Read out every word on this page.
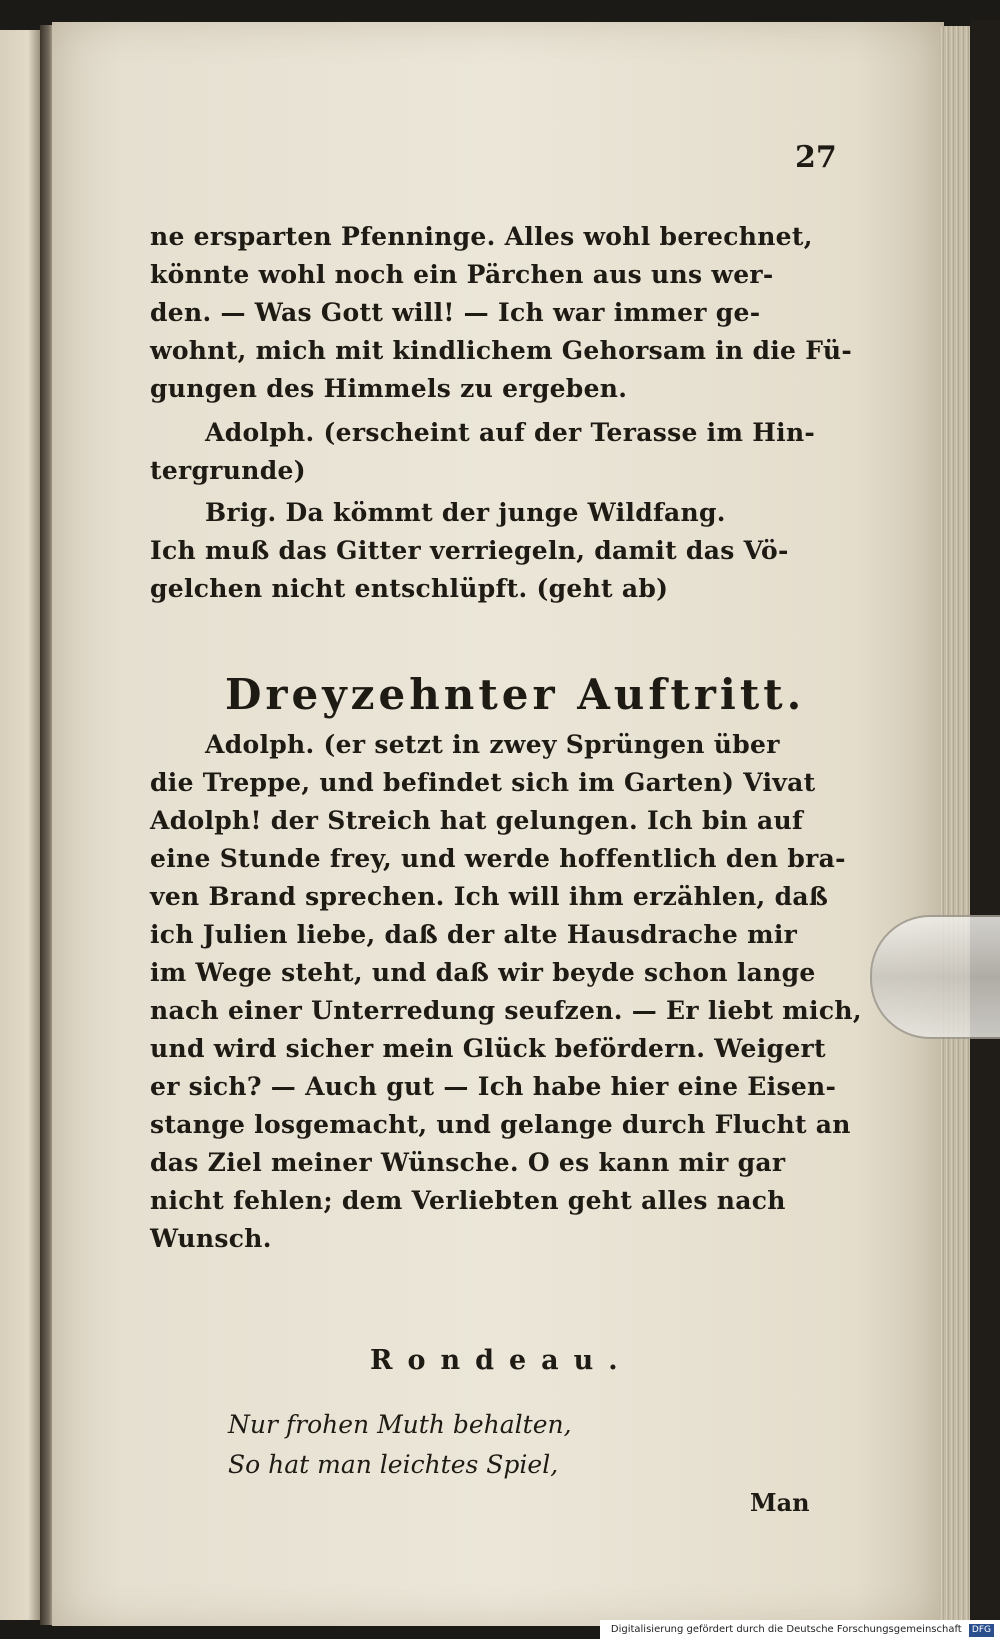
27
ne ersparten Pfenninge. Alles wohl berechnet,
könnte wohl noch ein Pärchen aus uns wer-
den. — Was Gott will! — Ich war immer ge-
wohnt, mich mit kindlichem Gehorsam in die Fü-
gungen des Himmels zu ergeben.
Adolph. (erscheint auf der Terasse im Hin-
tergrunde)
Brig. Da kömmt der junge Wildfang.
Ich muß das Gitter verriegeln, damit das Vö-
gelchen nicht entschlüpft. (geht ab)
Dreyzehnter Auftritt.
Adolph. (er setzt in zwey Sprüngen über
die Treppe, und befindet sich im Garten) Vivat
Adolph! der Streich hat gelungen. Ich bin auf
eine Stunde frey, und werde hoffentlich den bra-
ven Brand sprechen. Ich will ihm erzählen, daß
ich Julien liebe, daß der alte Hausdrache mir
im Wege steht, und daß wir beyde schon lange
nach einer Unterredung seufzen. — Er liebt mich,
und wird sicher mein Glück befördern. Weigert
er sich? — Auch gut — Ich habe hier eine Eisen-
stange losgemacht, und gelange durch Flucht an
das Ziel meiner Wünsche. O es kann mir gar
nicht fehlen; dem Verliebten geht alles nach
Wunsch.
Rondeau.
Nur frohen Muth behalten,
So hat man leichtes Spiel,
Man
Digitalisierung gefördert durch die Deutsche Forschungsgemeinschaft DFG
